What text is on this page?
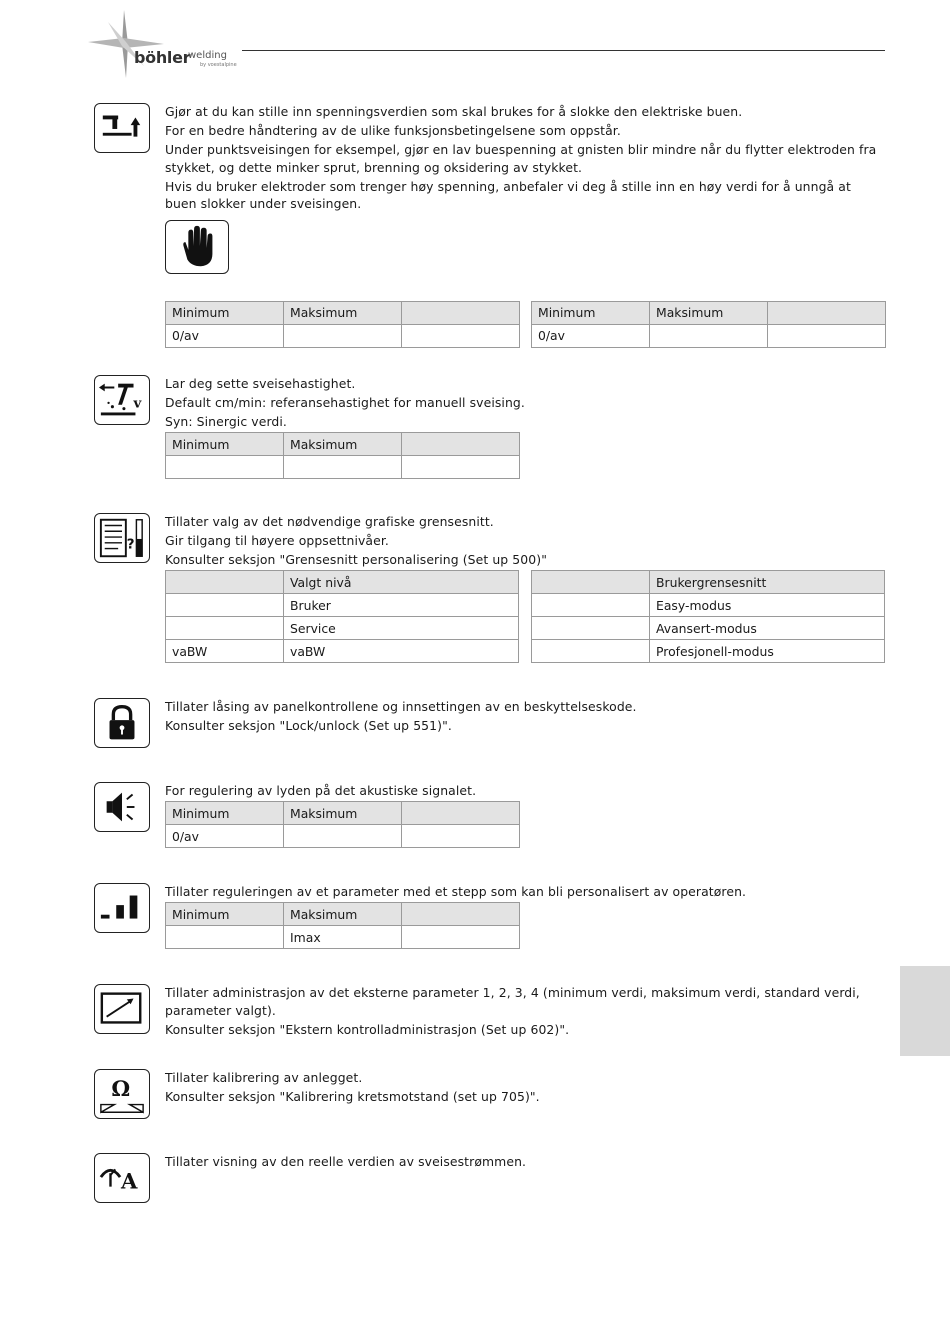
böhler
welding
by voestalpine

Gjør at du kan stille inn spenningsverdien som skal brukes for å slokke den elektriske buen.

For en bedre håndtering av de ulike funksjonsbetingelsene som oppstår.

Under punktsveisingen for eksempel, gjør en lav buespenning at gnisten blir mindre når du flytter elektroden fra stykket, og dette minker sprut, brenning og oksidering av stykket.

Hvis du bruker elektroder som trenger høy spenning, anbefaler vi deg å stille inn en høy verdi for å unngå at buen slokker under sveisingen.

Minimum	Maksimum	
0/av		
Minimum	Maksimum	
0/av		
v

Lar deg sette sveisehastighet.

Default cm/min: referansehastighet for manuell sveising.

Syn: Sinergic verdi.

Minimum	Maksimum	

?

Tillater valg av det nødvendige grafiske grensesnitt.

Gir tilgang til høyere oppsettnivåer.

Konsulter seksjon "Grensesnitt personalisering (Set up 500)"

	Valgt nivå
	Bruker
	Service
vaBW	vaBW
	Brukergrensesnitt
	Easy-modus
	Avansert-modus
	Profesjonell-modus

Tillater låsing av panelkontrollene og innsettingen av en beskyttelseskode.

Konsulter seksjon "Lock/unlock (Set up 551)".

For regulering av lyden på det akustiske signalet.

Minimum	Maksimum	
0/av		

Tillater reguleringen av et parameter med et stepp som kan bli personalisert av operatøren.

Minimum	Maksimum	
	Imax	

Tillater administrasjon av det eksterne parameter 1, 2, 3, 4 (minimum verdi, maksimum verdi, standard verdi, parameter valgt).

Konsulter seksjon "Ekstern kontrolladministrasjon (Set up 602)".

Ω	Tillater kalibrering av anlegget.

Konsulter seksjon "Kalibrering kretsmotstand (set up 705)".

A

Tillater visning av den reelle verdien av sveisestrømmen.
